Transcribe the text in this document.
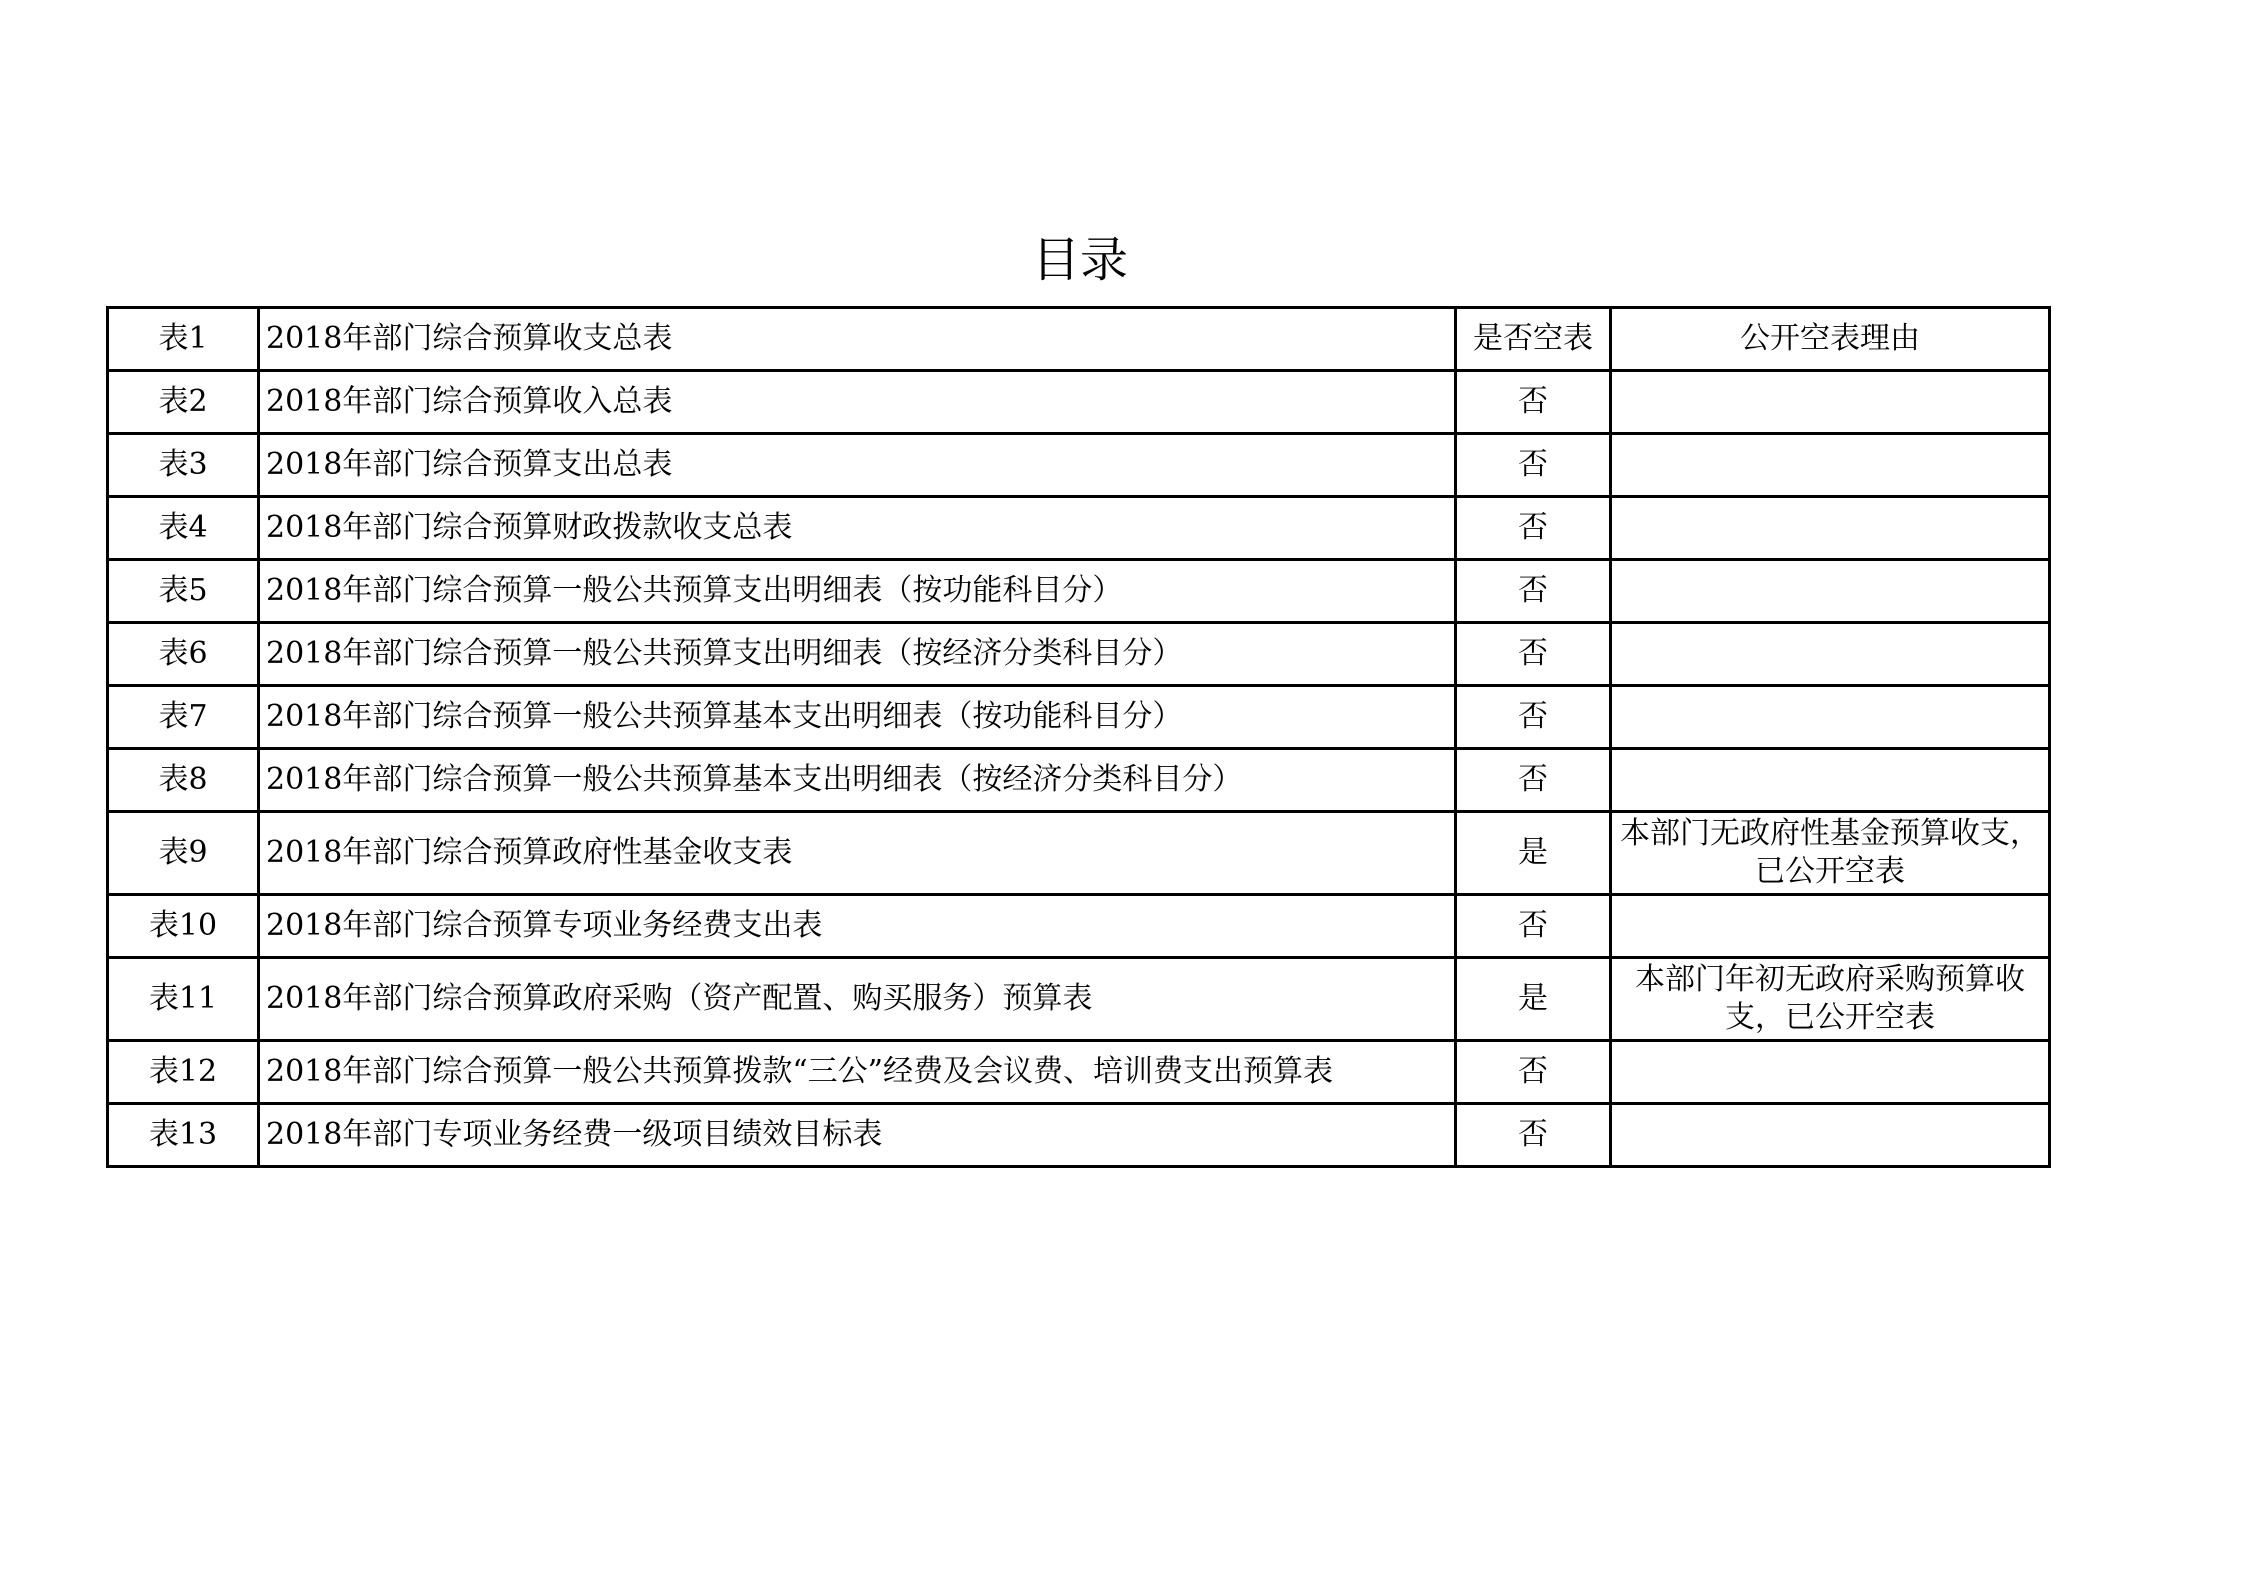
目录
表1	2018年部门综合预算收支总表	是否空表	公开空表理由
表2	2018年部门综合预算收入总表	否	
表3	2018年部门综合预算支出总表	否	
表4	2018年部门综合预算财政拨款收支总表	否	
表5	2018年部门综合预算一般公共预算支出明细表（按功能科目分）	否	
表6	2018年部门综合预算一般公共预算支出明细表（按经济分类科目分）	否	
表7	2018年部门综合预算一般公共预算基本支出明细表（按功能科目分）	否	
表8	2018年部门综合预算一般公共预算基本支出明细表（按经济分类科目分）	否	
表9	2018年部门综合预算政府性基金收支表	是	本部门无政府性基金预算收支，已公开空表
表10	2018年部门综合预算专项业务经费支出表	否	
表11	2018年部门综合预算政府采购（资产配置、购买服务）预算表	是	本部门年初无政府采购预算收支，已公开空表
表12	2018年部门综合预算一般公共预算拨款“三公”经费及会议费、培训费支出预算表	否	
表13	2018年部门专项业务经费一级项目绩效目标表	否	
